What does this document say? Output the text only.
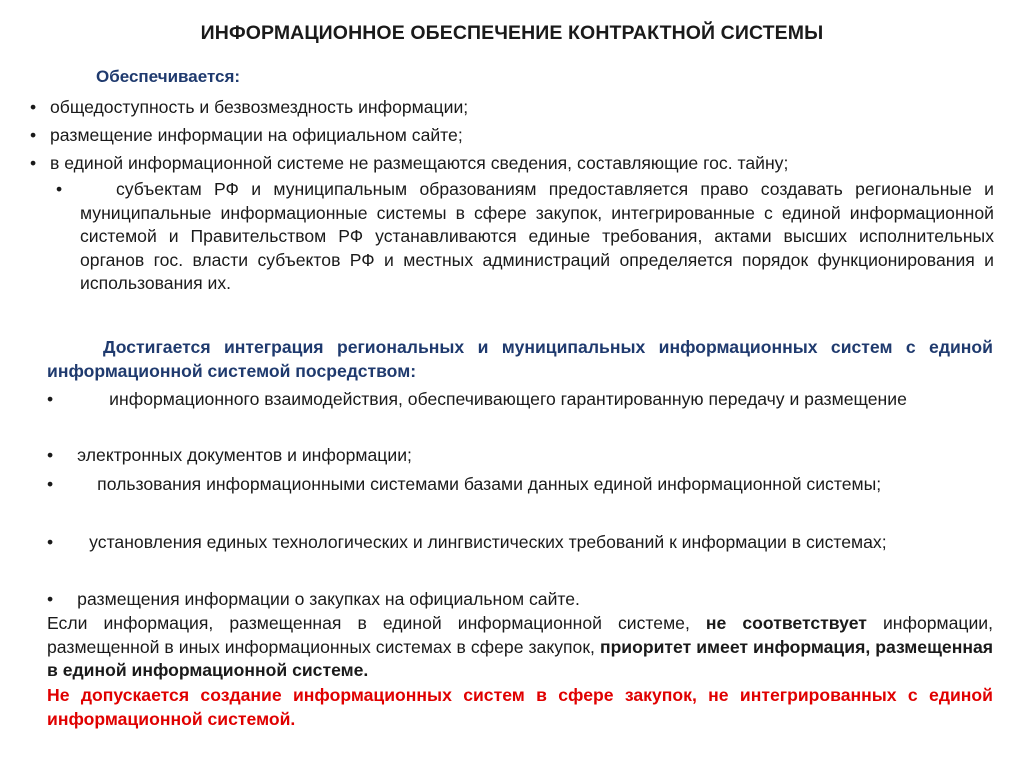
ИНФОРМАЦИОННОЕ ОБЕСПЕЧЕНИЕ КОНТРАКТНОЙ СИСТЕМЫ
Обеспечивается:
• общедоступность и безвозмездность информации;
• размещение информации на официальном сайте;
• в единой информационной системе не размещаются сведения, составляющие гос. тайну;
•	субъектам РФ и муниципальным образованиям предоставляется право создавать региональные и муниципальные информационные системы в сфере закупок, интегрированные с единой информационной системой и Правительством РФ устанавливаются единые требования, актами высших исполнительных органов гос. власти субъектов РФ и местных администраций определяется порядок функционирования и использования их.
Достигается интеграция региональных и муниципальных информационных систем с единой информационной системой посредством:
•	информационного взаимодействия, обеспечивающего гарантированную передачу и размещение
• электронных документов и информации;
•	пользования информационными системами базами данных единой информационной системы;
• установления единых технологических и лингвистических требований к информации в системах;
• размещения информации о закупках на официальном сайте.
Если информация, размещенная в единой информационной системе, не соответствует информации, размещенной в иных информационных системах в сфере закупок, приоритет имеет информация, размещенная в единой информационной системе.
Не допускается создание информационных систем в сфере закупок, не интегрированных с единой информационной системой.
